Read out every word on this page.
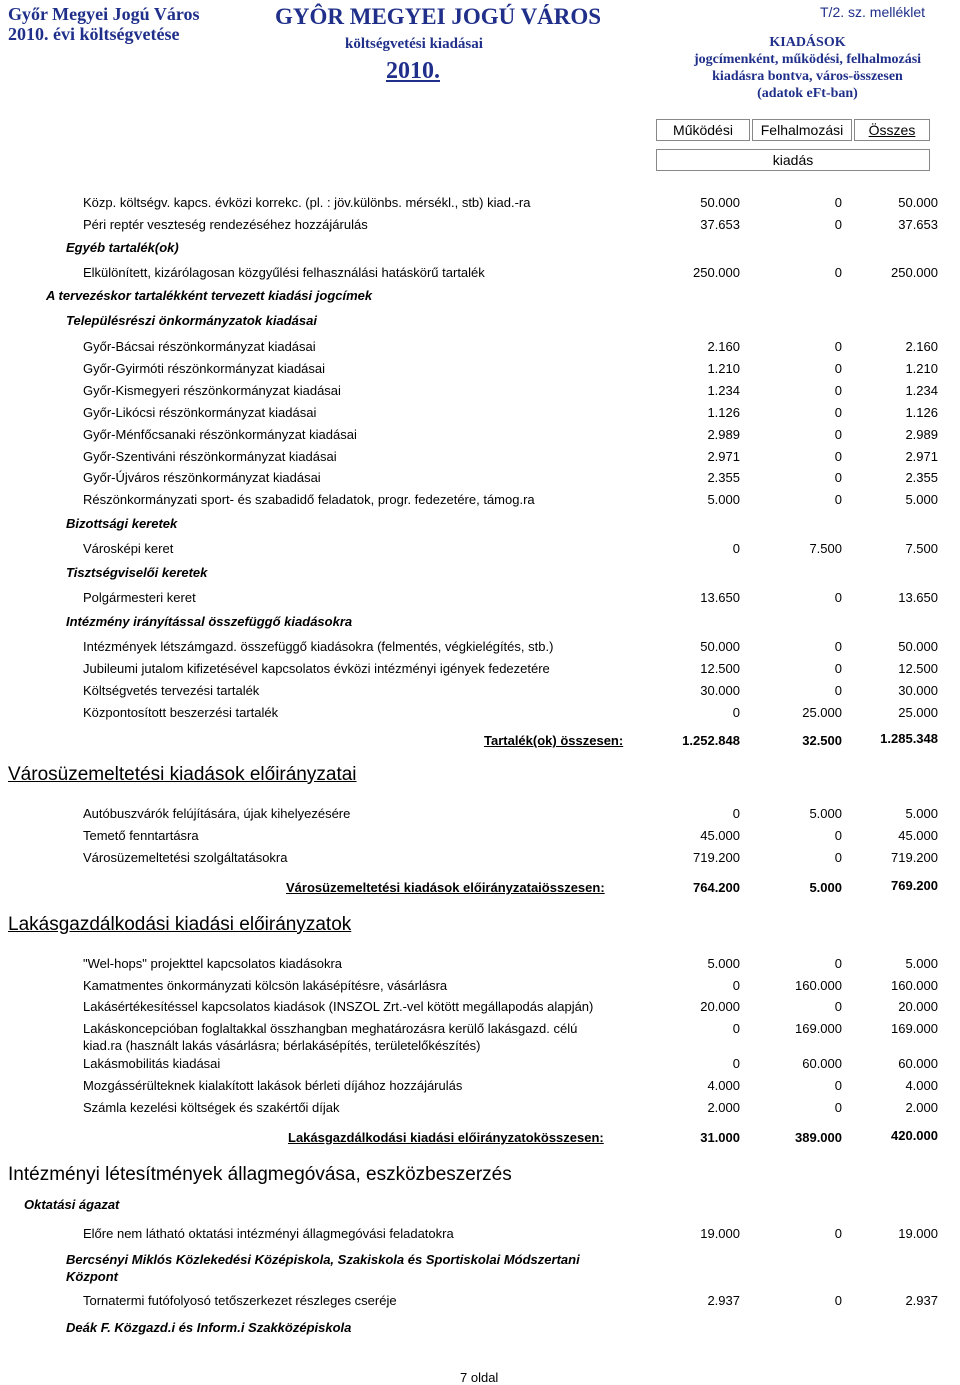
Győr Megyei Jogú Város
2010. évi költségvetése
GYÔR MEGYEI JOGÚ VÁROS
költségvetési kiadásai
2010.
T/2. sz. melléklet
KIADÁSOK
jogcímenként, működési, felhalmozási
kiadásra bontva, város-összesen
(adatok eFt-ban)
Működési	Felhalmozási	Összes
kiadás
Közp. költségv. kapcs. évközi korrekc. (pl. : jöv.különbs. mérsékl., stb) kiad.-ra	50.000	0	50.000
Péri reptér veszteség rendezéséhez hozzájárulás	37.653	0	37.653
Egyéb tartalék(ok)
Elkülönített, kizárólagosan közgyűlési felhasználási hatáskörű tartalék	250.000	0	250.000
A tervezéskor tartalékként tervezett kiadási jogcímek
Településrészi önkormányzatok kiadásai
Győr-Bácsai részönkormányzat kiadásai	2.160	0	2.160
Győr-Gyirmóti részönkormányzat kiadásai	1.210	0	1.210
Győr-Kismegyeri részönkormányzat kiadásai	1.234	0	1.234
Győr-Likócsi részönkormányzat kiadásai	1.126	0	1.126
Győr-Ménfőcsanaki részönkormányzat kiadásai	2.989	0	2.989
Győr-Szentiváni részönkormányzat kiadásai	2.971	0	2.971
Győr-Újváros részönkormányzat kiadásai	2.355	0	2.355
Részönkormányzati sport- és szabadidő feladatok, progr. fedezetére, támog.ra	5.000	0	5.000
Bizottsági keretek
Városképi keret	0	7.500	7.500
Tisztségviselői keretek
Polgármesteri keret	13.650	0	13.650
Intézmény irányítással összefüggő kiadásokra
Intézmények létszámgazd. összefüggő kiadásokra (felmentés, végkielégítés, stb.)	50.000	0	50.000
Jubileumi jutalom kifizetésével kapcsolatos évközi intézményi igények fedezetére	12.500	0	12.500
Költségvetés tervezési tartalék	30.000	0	30.000
Központosított beszerzési tartalék	0	25.000	25.000
Tartalék(ok) összesen:	1.252.848	32.500	1.285.348
Városüzemeltetési kiadások előirányzatai
Autóbuszvárók felújítására, újak kihelyezésére	0	5.000	5.000
Temető fenntartásra	45.000	0	45.000
Városüzemeltetési szolgáltatásokra	719.200	0	719.200
Városüzemeltetési kiadások előirányzataiösszesen:	764.200	5.000	769.200
Lakásgazdálkodási kiadási előirányzatok
"Wel-hops" projekttel kapcsolatos kiadásokra	5.000	0	5.000
Kamatmentes önkormányzati kölcsön lakásépítésre, vásárlásra	0	160.000	160.000
Lakásértékesítéssel kapcsolatos kiadások (INSZOL Zrt.-vel kötött megállapodás alapján)	20.000	0	20.000
Lakáskoncepcióban foglaltakkal összhangban meghatározásra kerülő lakásgazd. célú
kiad.ra (használt lakás vásárlásra; bérlakásépítés, területelőkészítés)
0	169.000	169.000
Lakásmobilitás kiadásai	0	60.000	60.000
Mozgássérülteknek kialakított lakások bérleti díjához hozzájárulás	4.000	0	4.000
Számla kezelési költségek és szakértői díjak	2.000	0	2.000
Lakásgazdálkodási kiadási előirányzatokösszesen:	31.000	389.000	420.000
Intézményi létesítmények állagmegóvása, eszközbeszerzés
Oktatási ágazat
Előre nem látható oktatási intézményi állagmegóvási feladatokra	19.000	0	19.000
Bercsényi Miklós Közlekedési Középiskola, Szakiskola és Sportiskolai Módszertani
Központ
Tornatermi futófolyosó tetőszerkezet részleges cseréje	2.937	0	2.937
Deák F. Közgazd.i és Inform.i Szakközépiskola
7 oldal
